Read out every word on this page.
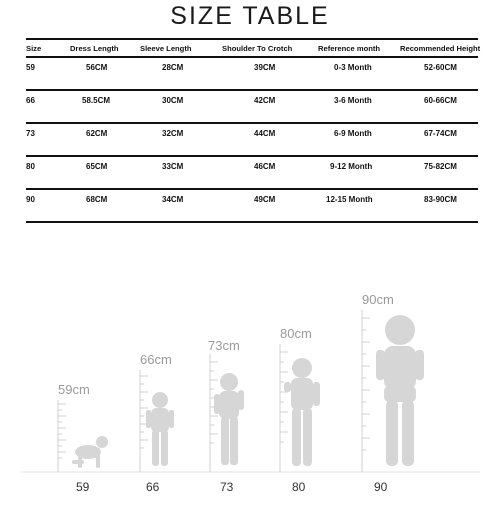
SIZE TABLE
Size	Dress Length	Sleeve Length	Shoulder To Crotch	Reference month	Recommended Height

59	56CM	28CM	39CM	0-3 Month	52-60CM

66	58.5CM	30CM	42CM	3-6 Month	60-66CM

73	62CM	32CM	44CM	6-9 Month	67-74CM

80	65CM	33CM	46CM	9-12 Month	75-82CM

90	68CM	34CM	49CM	12-15 Month	83-90CM
59cm
66cm
73cm
80cm
90cm
59	66	73	80	90
